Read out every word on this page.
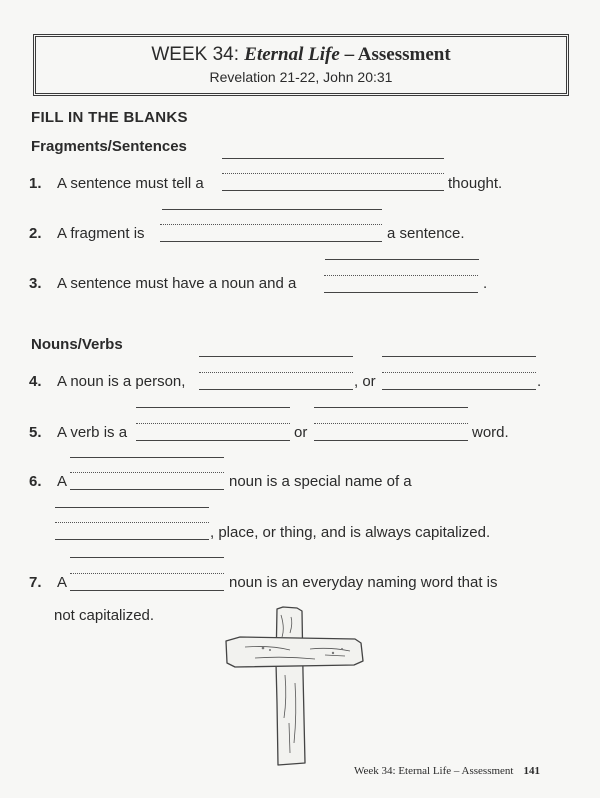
WEEK 34: Eternal Life – Assessment
Revelation 21-22, John 20:31
FILL IN THE BLANKS
Fragments/Sentences
1. A sentence must tell a	thought.
2. A fragment is	a sentence.
3. A sentence must have a noun and a	.
Nouns/Verbs
4. A noun is a person,	, or	.
5. A verb is a	or	word.
6. A	noun is a special name of a
, place, or thing, and is always capitalized.
7. A	noun is an everyday naming word that is
not capitalized.
Week 34: Eternal Life – Assessment 141
